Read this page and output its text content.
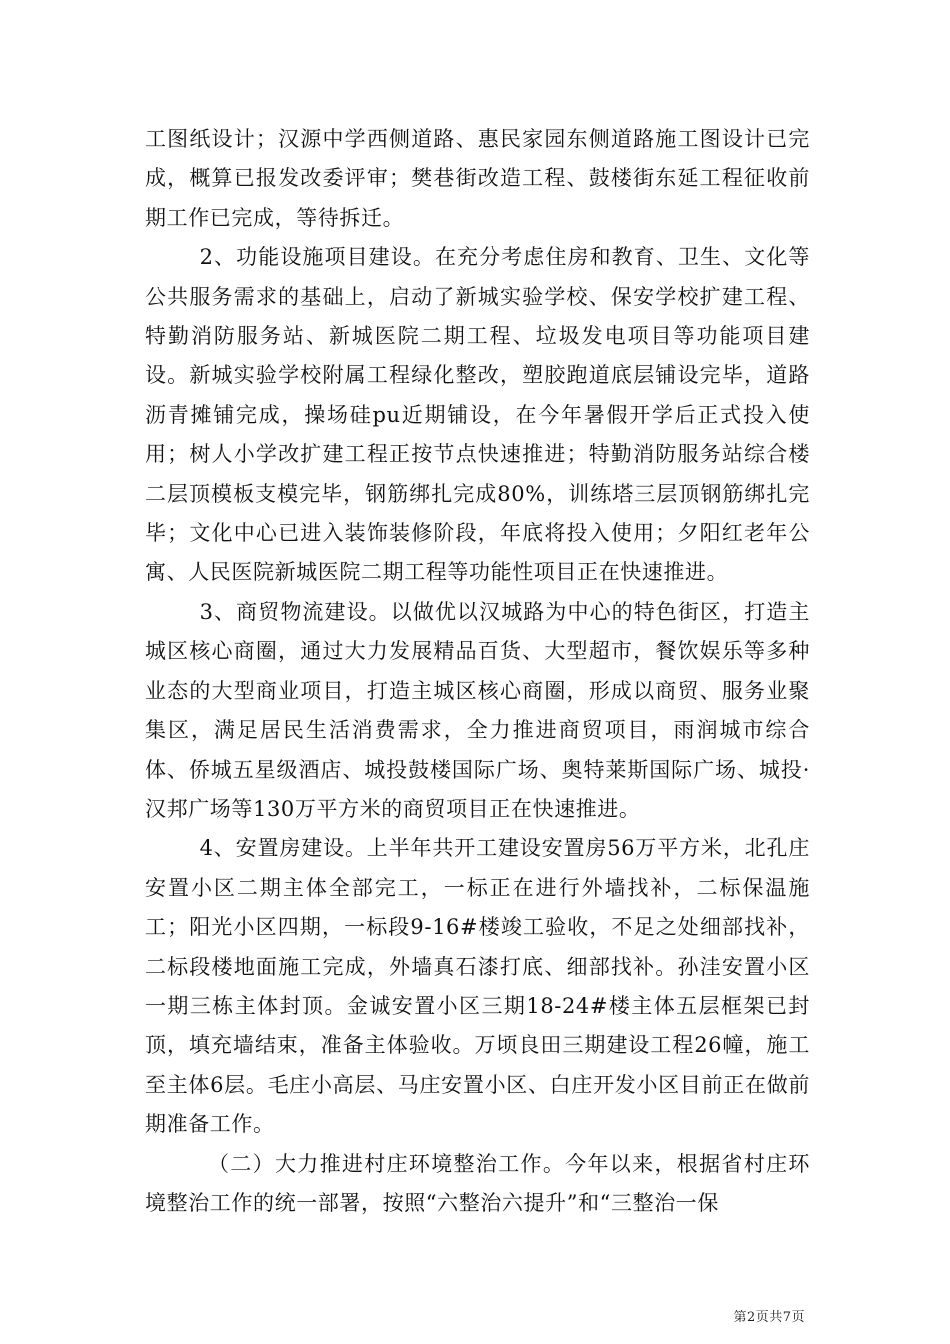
工图纸设计；汉源中学西侧道路、惠民家园东侧道路施工图设计已完成，概算已报发改委评审；樊巷街改造工程、鼓楼街东延工程征收前期工作已完成，等待拆迁。

2、功能设施项目建设。在充分考虑住房和教育、卫生、文化等公共服务需求的基础上，启动了新城实验学校、保安学校扩建工程、特勤消防服务站、新城医院二期工程、垃圾发电项目等功能项目建设。新城实验学校附属工程绿化整改，塑胶跑道底层铺设完毕，道路沥青摊铺完成，操场硅pu近期铺设，在今年暑假开学后正式投入使用；树人小学改扩建工程正按节点快速推进；特勤消防服务站综合楼二层顶模板支模完毕，钢筋绑扎完成80%，训练塔三层顶钢筋绑扎完毕；文化中心已进入装饰装修阶段，年底将投入使用；夕阳红老年公寓、人民医院新城医院二期工程等功能性项目正在快速推进。

3、商贸物流建设。以做优以汉城路为中心的特色街区，打造主城区核心商圈，通过大力发展精品百货、大型超市，餐饮娱乐等多种业态的大型商业项目，打造主城区核心商圈，形成以商贸、服务业聚集区，满足居民生活消费需求，全力推进商贸项目，雨润城市综合体、侨城五星级酒店、城投鼓楼国际广场、奥特莱斯国际广场、城投·汉邦广场等130万平方米的商贸项目正在快速推进。

4、安置房建设。上半年共开工建设安置房56万平方米，北孔庄安置小区二期主体全部完工，一标正在进行外墙找补，二标保温施工；阳光小区四期，一标段9-16#楼竣工验收，不足之处细部找补，二标段楼地面施工完成，外墙真石漆打底、细部找补。孙洼安置小区一期三栋主体封顶。金诚安置小区三期18-24#楼主体五层框架已封顶，填充墙结束，准备主体验收。万顷良田三期建设工程26幢，施工至主体6层。毛庄小高层、马庄安置小区、白庄开发小区目前正在做前期准备工作。

（二）大力推进村庄环境整治工作。今年以来，根据省村庄环境整治工作的统一部署，按照“六整治六提升”和“三整治一保

第2页共7页
